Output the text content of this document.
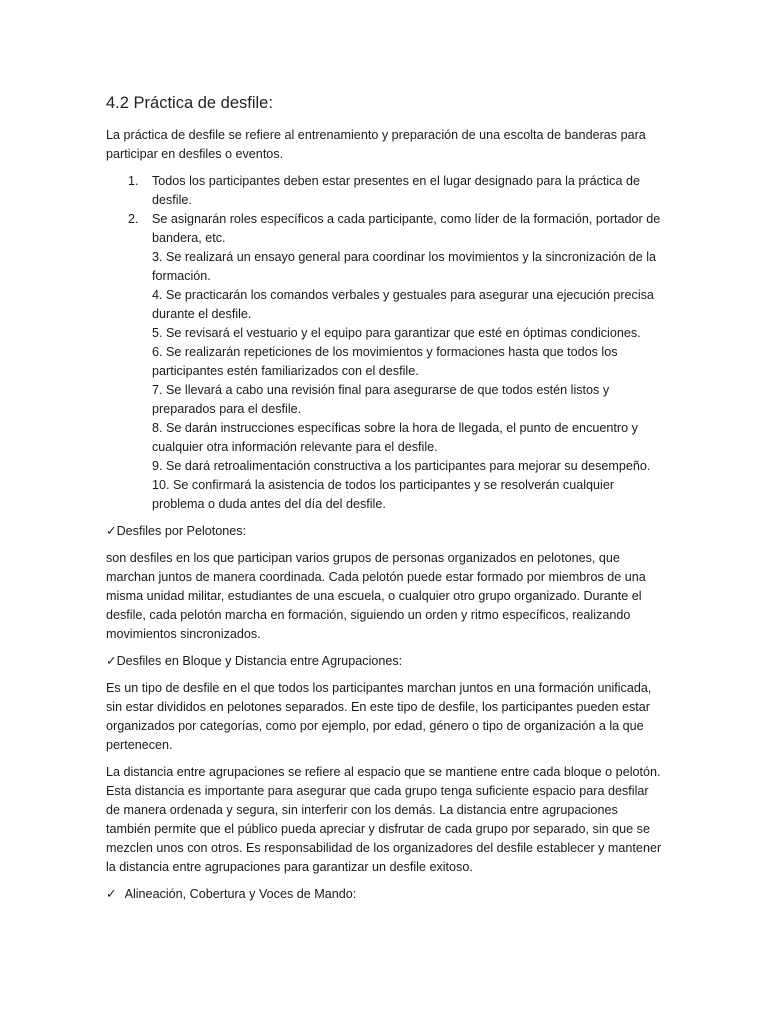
4.2 Práctica de desfile:

La práctica de desfile se refiere al entrenamiento y preparación de una escolta de banderas para participar en desfiles o eventos.

1. Todos los participantes deben estar presentes en el lugar designado para la práctica de desfile.
2. Se asignarán roles específicos a cada participante, como líder de la formación, portador de bandera, etc.
3. Se realizará un ensayo general para coordinar los movimientos y la sincronización de la formación.
4. Se practicarán los comandos verbales y gestuales para asegurar una ejecución precisa durante el desfile.
5. Se revisará el vestuario y el equipo para garantizar que esté en óptimas condiciones.
6. Se realizarán repeticiones de los movimientos y formaciones hasta que todos los participantes estén familiarizados con el desfile.
7. Se llevará a cabo una revisión final para asegurarse de que todos estén listos y preparados para el desfile.
8. Se darán instrucciones específicas sobre la hora de llegada, el punto de encuentro y cualquier otra información relevante para el desfile.
9. Se dará retroalimentación constructiva a los participantes para mejorar su desempeño.
10. Se confirmará la asistencia de todos los participantes y se resolverán cualquier problema o duda antes del día del desfile.

✓Desfiles por Pelotones:

son desfiles en los que participan varios grupos de personas organizados en pelotones, que marchan juntos de manera coordinada. Cada pelotón puede estar formado por miembros de una misma unidad militar, estudiantes de una escuela, o cualquier otro grupo organizado. Durante el desfile, cada pelotón marcha en formación, siguiendo un orden y ritmo específicos, realizando movimientos sincronizados.

✓Desfiles en Bloque y Distancia entre Agrupaciones:

Es un tipo de desfile en el que todos los participantes marchan juntos en una formación unificada, sin estar divididos en pelotones separados. En este tipo de desfile, los participantes pueden estar organizados por categorías, como por ejemplo, por edad, género o tipo de organización a la que pertenecen.

La distancia entre agrupaciones se refiere al espacio que se mantiene entre cada bloque o pelotón. Esta distancia es importante para asegurar que cada grupo tenga suficiente espacio para desfilar de manera ordenada y segura, sin interferir con los demás. La distancia entre agrupaciones también permite que el público pueda apreciar y disfrutar de cada grupo por separado, sin que se mezclen unos con otros. Es responsabilidad de los organizadores del desfile establecer y mantener la distancia entre agrupaciones para garantizar un desfile exitoso.

✓ Alineación, Cobertura y Voces de Mando:
